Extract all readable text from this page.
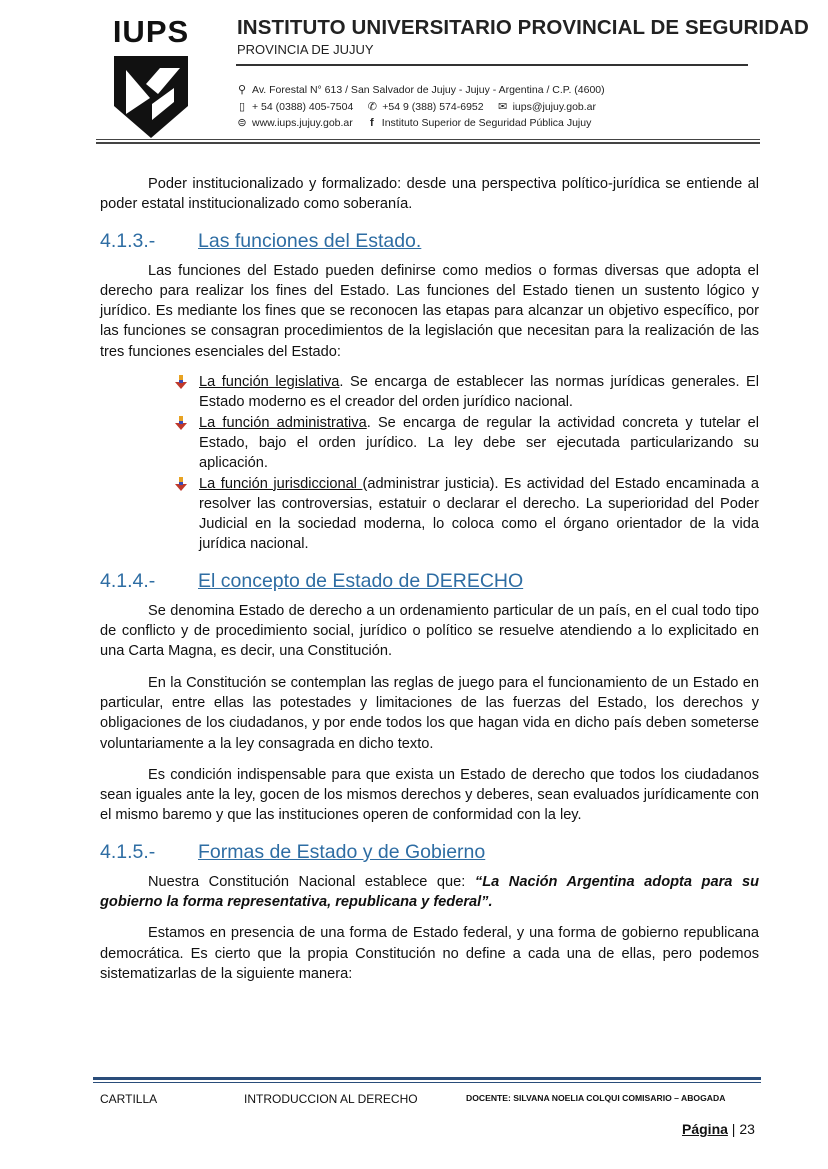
IUPS INSTITUTO UNIVERSITARIO PROVINCIAL DE SEGURIDAD
PROVINCIA DE JUJUY
⚲ Av. Forestal N° 613 / San Salvador de Jujuy - Jujuy - Argentina / C.P. (4600)
▯ + 54 (0388) 405-7504 ✆ +54 9 (388) 574-6952 ✉ iups@jujuy.gob.ar
⊜ www.iups.jujuy.gob.ar f Instituto Superior de Seguridad Pública Jujuy

Poder institucionalizado y formalizado: desde una perspectiva político-jurídica se entiende al poder estatal institucionalizado como soberanía.

4.1.3.- Las funciones del Estado.

Las funciones del Estado pueden definirse como medios o formas diversas que adopta el derecho para realizar los fines del Estado. Las funciones del Estado tienen un sustento lógico y jurídico. Es mediante los fines que se reconocen las etapas para alcanzar un objetivo específico, por las funciones se consagran procedimientos de la legislación que necesitan para la realización de las tres funciones esenciales del Estado:

La función legislativa. Se encarga de establecer las normas jurídicas generales. El Estado moderno es el creador del orden jurídico nacional.
La función administrativa. Se encarga de regular la actividad concreta y tutelar el Estado, bajo el orden jurídico. La ley debe ser ejecutada particularizando su aplicación.
La función jurisdiccional (administrar justicia). Es actividad del Estado encaminada a resolver las controversias, estatuir o declarar el derecho. La superioridad del Poder Judicial en la sociedad moderna, lo coloca como el órgano orientador de la vida jurídica nacional.
4.1.4.- El concepto de Estado de DERECHO

Se denomina Estado de derecho a un ordenamiento particular de un país, en el cual todo tipo de conflicto y de procedimiento social, jurídico o político se resuelve atendiendo a lo explicitado en una Carta Magna, es decir, una Constitución.

En la Constitución se contemplan las reglas de juego para el funcionamiento de un Estado en particular, entre ellas las potestades y limitaciones de las fuerzas del Estado, los derechos y obligaciones de los ciudadanos, y por ende todos los que hagan vida en dicho país deben someterse voluntariamente a la ley consagrada en dicho texto.

Es condición indispensable para que exista un Estado de derecho que todos los ciudadanos sean iguales ante la ley, gocen de los mismos derechos y deberes, sean evaluados jurídicamente con el mismo baremo y que las instituciones operen de conformidad con la ley.

4.1.5.- Formas de Estado y de Gobierno

Nuestra Constitución Nacional establece que: “La Nación Argentina adopta para su gobierno la forma representativa, republicana y federal”.

Estamos en presencia de una forma de Estado federal, y una forma de gobierno republicana democrática. Es cierto que la propia Constitución no define a cada una de ellas, pero podemos sistematizarlas de la siguiente manera:

CARTILLA	INTRODUCCION AL DERECHO	DOCENTE: SILVANA NOELIA COLQUI COMISARIO – ABOGADA
Página | 23
